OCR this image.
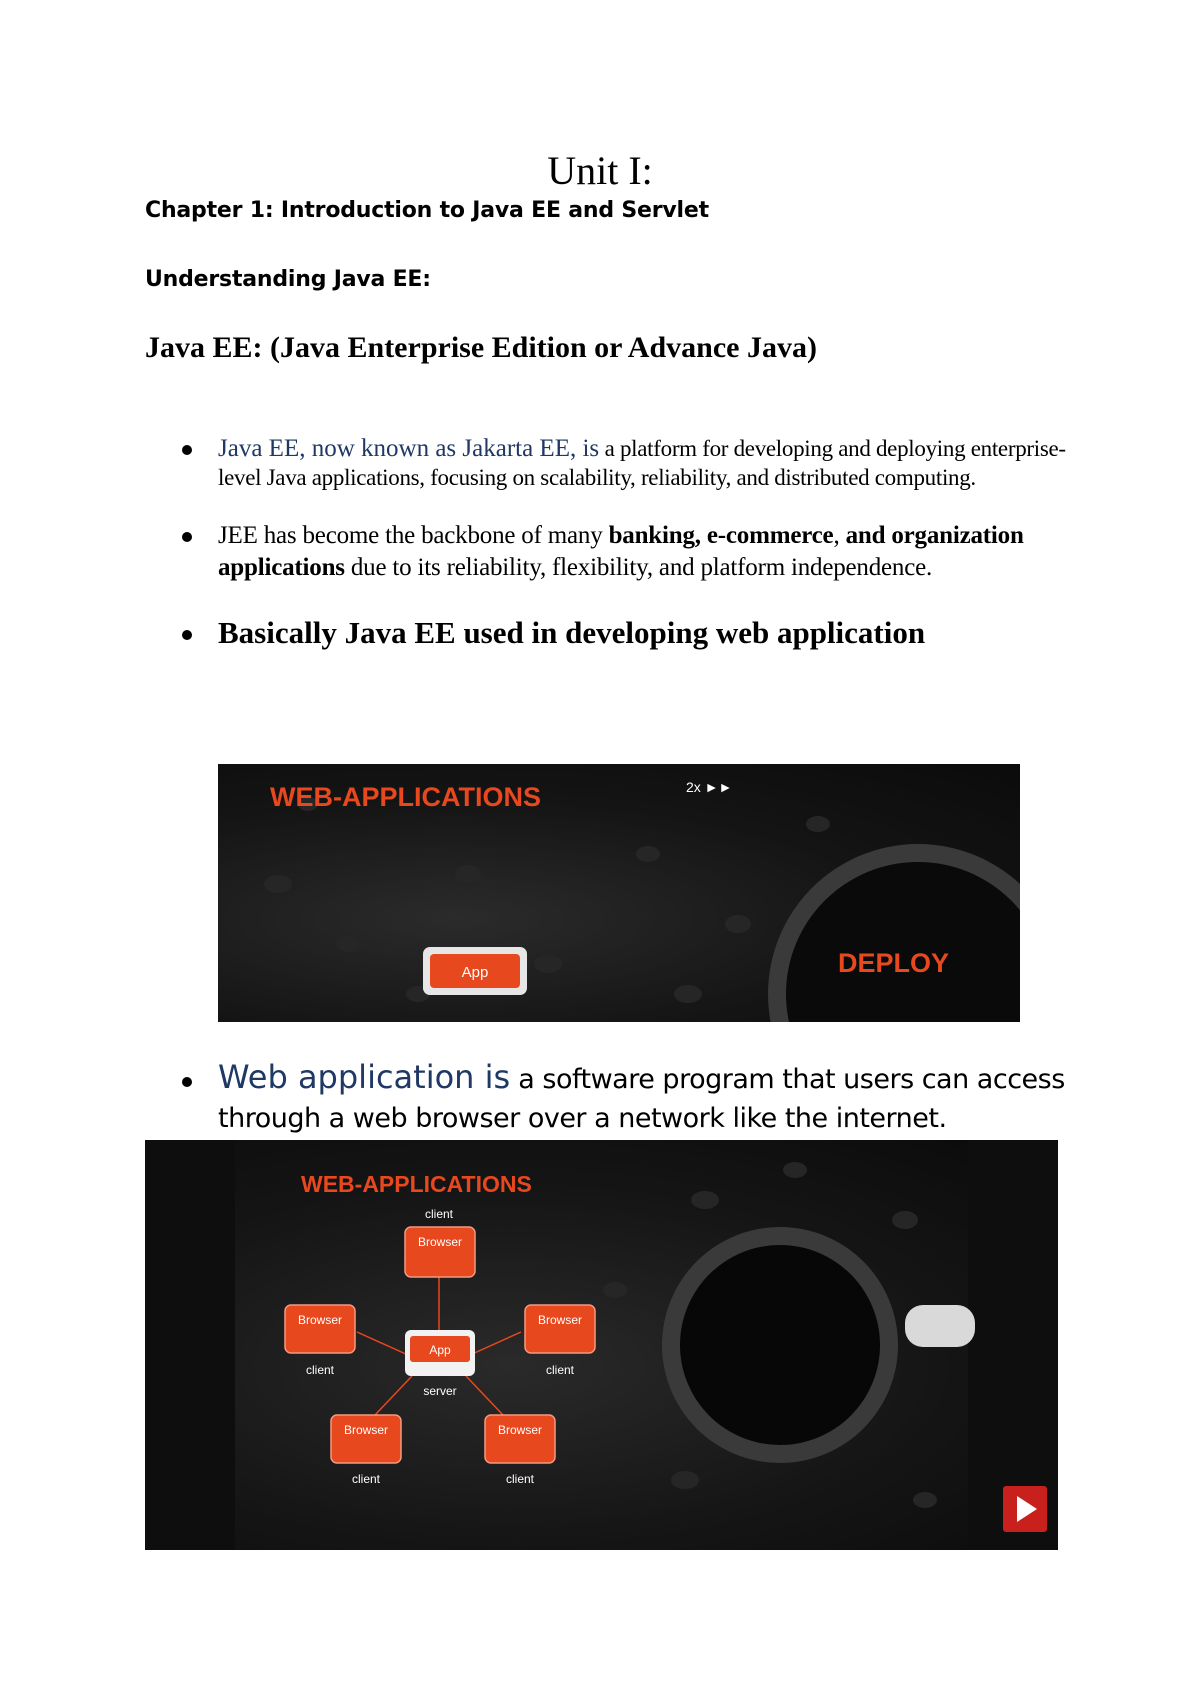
Unit I:
Chapter 1: Introduction to Java EE and Servlet
Understanding Java EE:
Java EE: (Java Enterprise Edition or Advance Java)
Java EE, now known as Jakarta EE, is a platform for developing and deploying enterprise-level Java applications, focusing on scalability, reliability, and distributed computing.
JEE has become the backbone of many banking, e-commerce, and organization applications due to its reliability, flexibility, and platform independence.
Basically Java EE used in developing web application
WEB-APPLICATIONS	2x ►►
App	DEPLOY
Web application is a software program that users can access through a web browser over a network like the internet.
WEB-APPLICATIONS
client
Browser
Browser
client
Browser
client
App
server
Browser
client
Browser
client
